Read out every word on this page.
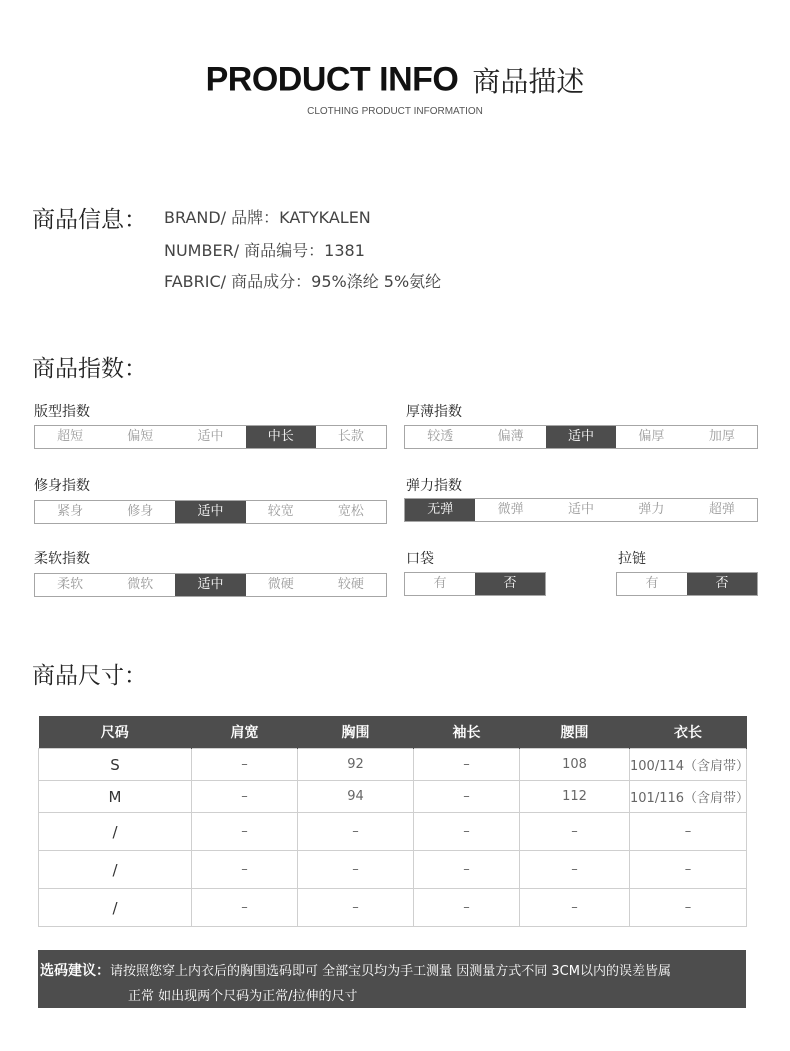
PRODUCT INFO 商品描述
CLOTHING PRODUCT INFORMATION
商品信息： BRAND/ 品牌：KATYKALEN
NUMBER/ 商品编号：1381
FABRIC/ 商品成分：95%涤纶 5%氨纶
商品指数：
版型指数
超短	偏短	适中	中长	长款
厚薄指数
较透	偏薄	适中	偏厚	加厚
修身指数
紧身	修身	适中	较宽	宽松
弹力指数
无弹	微弹	适中	弹力	超弹
柔软指数
柔软	微软	适中	微硬	较硬
口袋
有	否
拉链
有	否
商品尺寸：
尺码	肩宽	胸围	袖长	腰围	衣长
S	–	92	–	108	100/114（含肩带）
M	–	94	–	112	101/116（含肩带）
/	–	–	–	–	–
/	–	–	–	–	–
/	–	–	–	–	–
选码建议：请按照您穿上内衣后的胸围选码即可 全部宝贝均为手工测量 因测量方式不同 3CM以内的误差皆属
正常 如出现两个尺码为正常/拉伸的尺寸
